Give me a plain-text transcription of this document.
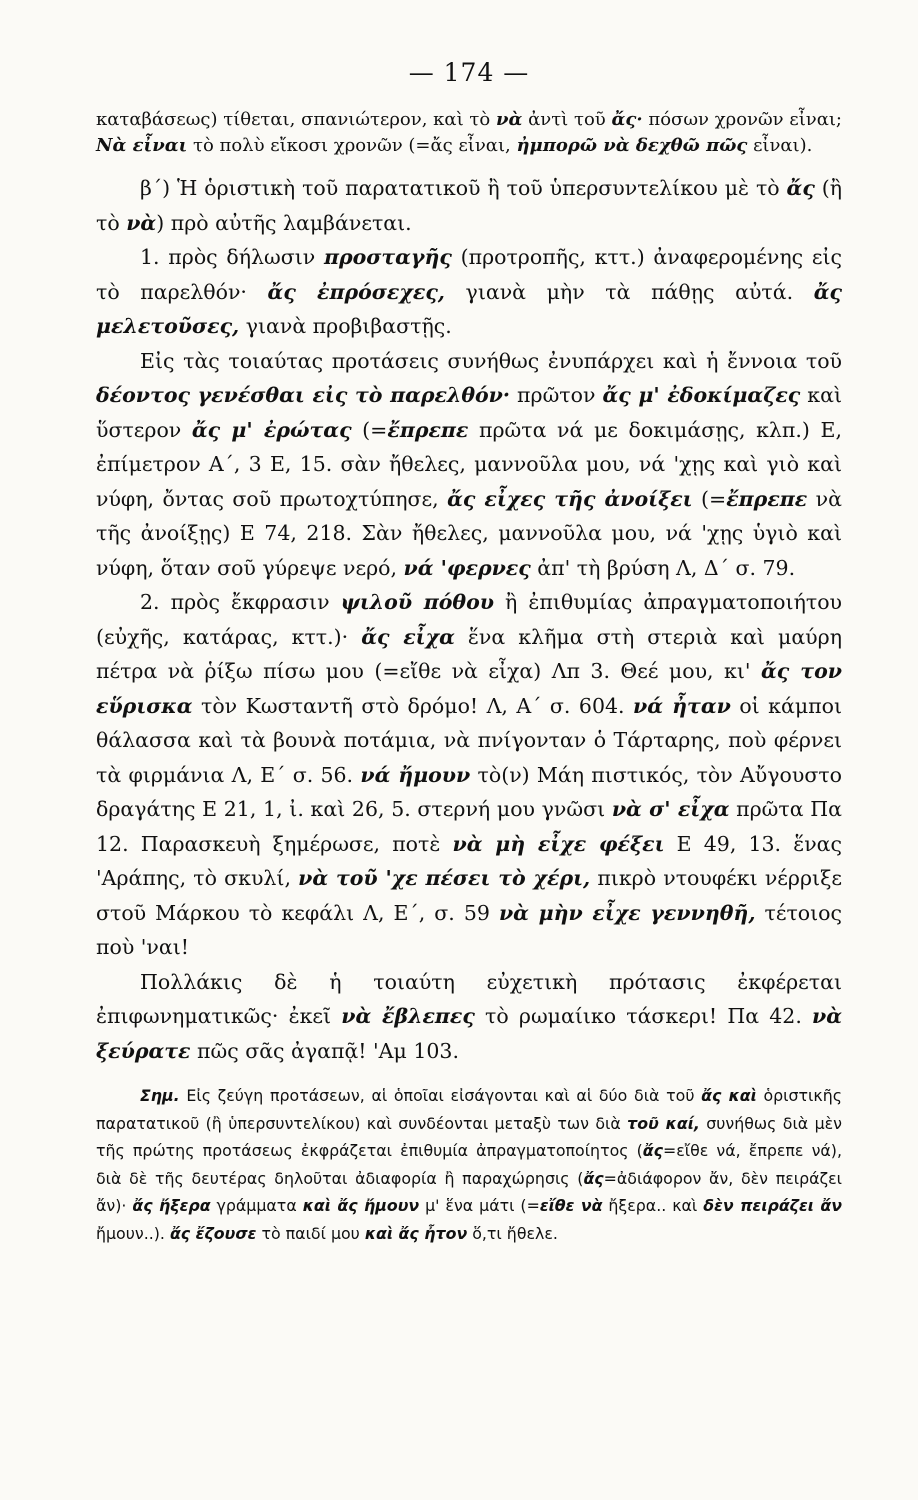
— 174 —

καταβάσεως) τίθεται, σπανιώτερον, καὶ τὸ νὰ ἀντὶ τοῦ ἄς· πόσων χρονῶν εἶναι; Νὰ εἶναι τὸ πολὺ εἴκοσι χρονῶν (=ἄς εἶναι, ἠμπορῶ νὰ δεχθῶ πῶς εἶναι).

β΄) Ἡ ὁριστικὴ τοῦ παρατατικοῦ ἢ τοῦ ὑπερσυντελίκου μὲ τὸ ἄς (ἢ τὸ νὰ) πρὸ αὐτῆς λαμβάνεται.

1. πρὸς δήλωσιν προσταγῆς (προτροπῆς, κττ.) ἀναφερομένης εἰς τὸ παρελθόν· ἄς ἐπρόσεχες, γιανὰ μὴν τὰ πάθῃς αὐτά. ἄς μελετοῦσες, γιανὰ προβιβαστῇς.

Εἰς τὰς τοιαύτας προτάσεις συνήθως ἐνυπάρχει καὶ ἡ ἔννοια τοῦ δέοντος γενέσθαι εἰς τὸ παρελθόν· πρῶτον ἄς μ' ἐδοκίμαζες καὶ ὕστερον ἄς μ' ἐρώτας (=ἔπρεπε πρῶτα νά με δοκιμάσῃς, κλπ.) Ε, ἐπίμετρον Α΄, 3 Ε, 15. σὰν ἤθελες, μαννοῦλα μου, νά 'χῃς καὶ γιὸ καὶ νύφη, ὄντας σοῦ πρωτοχτύπησε, ἄς εἶχες τῆς ἀνοίξει (=ἔπρεπε νὰ τῆς ἀνοίξῃς) Ε 74, 218. Σὰν ἤθελες, μαννοῦλα μου, νά 'χῃς ὑγιὸ καὶ νύφη, ὅταν σοῦ γύρεψε νερό, νά 'φερνες ἀπ' τὴ βρύση Λ, Δ΄ σ. 79.

2. πρὸς ἔκφρασιν ψιλοῦ πόθου ἢ ἐπιθυμίας ἀπραγματοποιήτου (εὐχῆς, κατάρας, κττ.)· ἄς εἶχα ἕνα κλῆμα στὴ στεριὰ καὶ μαύρη πέτρα νὰ ῥίξω πίσω μου (=εἴθε νὰ εἶχα) Λπ 3. Θεέ μου, κι' ἄς τον εὕρισκα τὸν Κωσταντῆ στὸ δρόμο! Λ, Α΄ σ. 604. νά ἦταν οἱ κάμποι θάλασσα καὶ τὰ βουνὰ ποτάμια, νὰ πνίγονταν ὁ Τάρταρης, ποὺ φέρνει τὰ φιρμάνια Λ, Ε΄ σ. 56. νά ἤμουν τὸ(ν) Μάη πιστικός, τὸν Αὔγουστο δραγάτης Ε 21, 1, ἰ. καὶ 26, 5. στερνή μου γνῶσι νὰ σ' εἶχα πρῶτα Πα 12. Παρασκευὴ ξημέρωσε, ποτὲ νὰ μὴ εἶχε φέξει Ε 49, 13. ἕνας 'Αράπης, τὸ σκυλί, νὰ τοῦ 'χε πέσει τὸ χέρι, πικρὸ ντουφέκι νέρριξε στοῦ Μάρκου τὸ κεφάλι Λ, Ε΄, σ. 59 νὰ μὴν εἶχε γεννηθῆ, τέτοιος ποὺ 'ναι!

Πολλάκις δὲ ἡ τοιαύτη εὐχετικὴ πρότασις ἐκφέρεται ἐπιφωνηματικῶς· ἐκεῖ νὰ ἔβλεπες τὸ ρωμαίικο τάσκερι! Πα 42. νὰ ξεύρατε πῶς σᾶς ἀγαπᾷ! 'Αμ 103.

Σημ. Εἰς ζεύγη προτάσεων, αἱ ὁποῖαι εἰσάγονται καὶ αἱ δύο διὰ τοῦ ἄς καὶ ὁριστικῆς παρατατικοῦ (ἢ ὑπερσυντελίκου) καὶ συνδέονται μεταξὺ των διὰ τοῦ καί, συνήθως διὰ μὲν τῆς πρώτης προτάσεως ἐκφράζεται ἐπιθυμία ἀπραγματοποίητος (ἄς=εἴθε νά, ἔπρεπε νά), διὰ δὲ τῆς δευτέρας δηλοῦται ἀδιαφορία ἢ παραχώρησις (ἄς=ἀδιάφορον ἄν, δὲν πειράζει ἄν)· ἄς ἤξερα γράμματα καὶ ἄς ἤμουν μ' ἕνα μάτι (=εἴθε νὰ ἤξερα.. καὶ δὲν πειράζει ἄν ἤμουν..). ἄς ἔζουσε τὸ παιδί μου καὶ ἄς ἦτον ὅ,τι ἤθελε.
